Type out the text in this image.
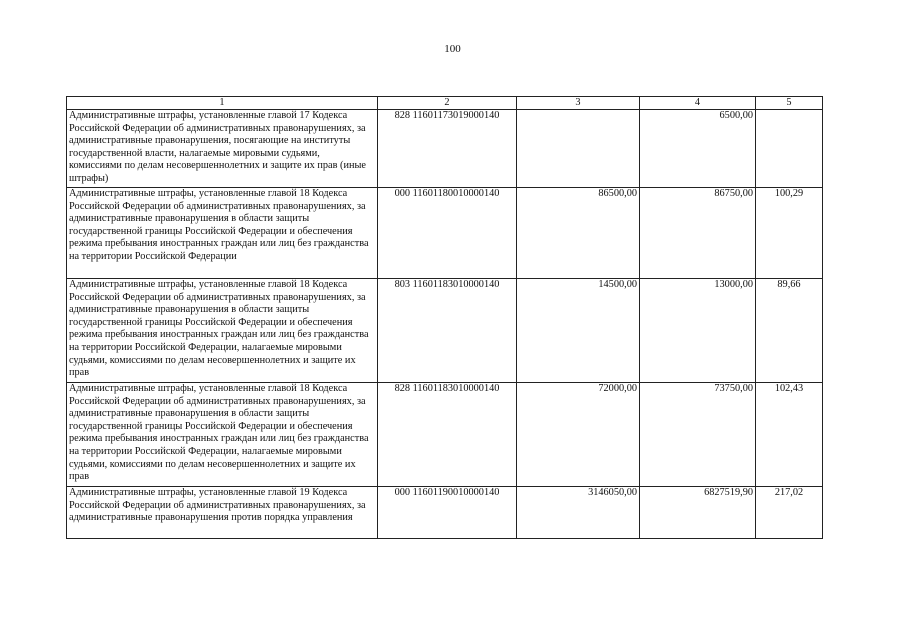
100
1	2	3	4	5
Административные штрафы, установленные главой 17 Кодекса Российской Федерации об административных правонарушениях, за административные правонарушения, посягающие на институты государственной власти, налагаемые мировыми судьями, комиссиями по делам несовершеннолетних и защите их прав (иные штрафы)	828 11601173019000140		6500,00	
Административные штрафы, установленные главой 18 Кодекса Российской Федерации об административных правонарушениях, за административные правонарушения в области защиты государственной границы Российской Федерации и обеспечения режима пребывания иностранных граждан или лиц без гражданства на территории Российской Федерации	000 11601180010000140	86500,00	86750,00	100,29
Административные штрафы, установленные главой 18 Кодекса Российской Федерации об административных правонарушениях, за административные правонарушения в области защиты государственной границы Российской Федерации и обеспечения режима пребывания иностранных граждан или лиц без гражданства на территории Российской Федерации, налагаемые мировыми судьями, комиссиями по делам несовершеннолетних и защите их прав	803 11601183010000140	14500,00	13000,00	89,66
Административные штрафы, установленные главой 18 Кодекса Российской Федерации об административных правонарушениях, за административные правонарушения в области защиты государственной границы Российской Федерации и обеспечения режима пребывания иностранных граждан или лиц без гражданства на территории Российской Федерации, налагаемые мировыми судьями, комиссиями по делам несовершеннолетних и защите их прав	828 11601183010000140	72000,00	73750,00	102,43
Административные штрафы, установленные главой 19 Кодекса Российской Федерации об административных правонарушениях, за административные правонарушения против порядка управления	000 11601190010000140	3146050,00	6827519,90	217,02
